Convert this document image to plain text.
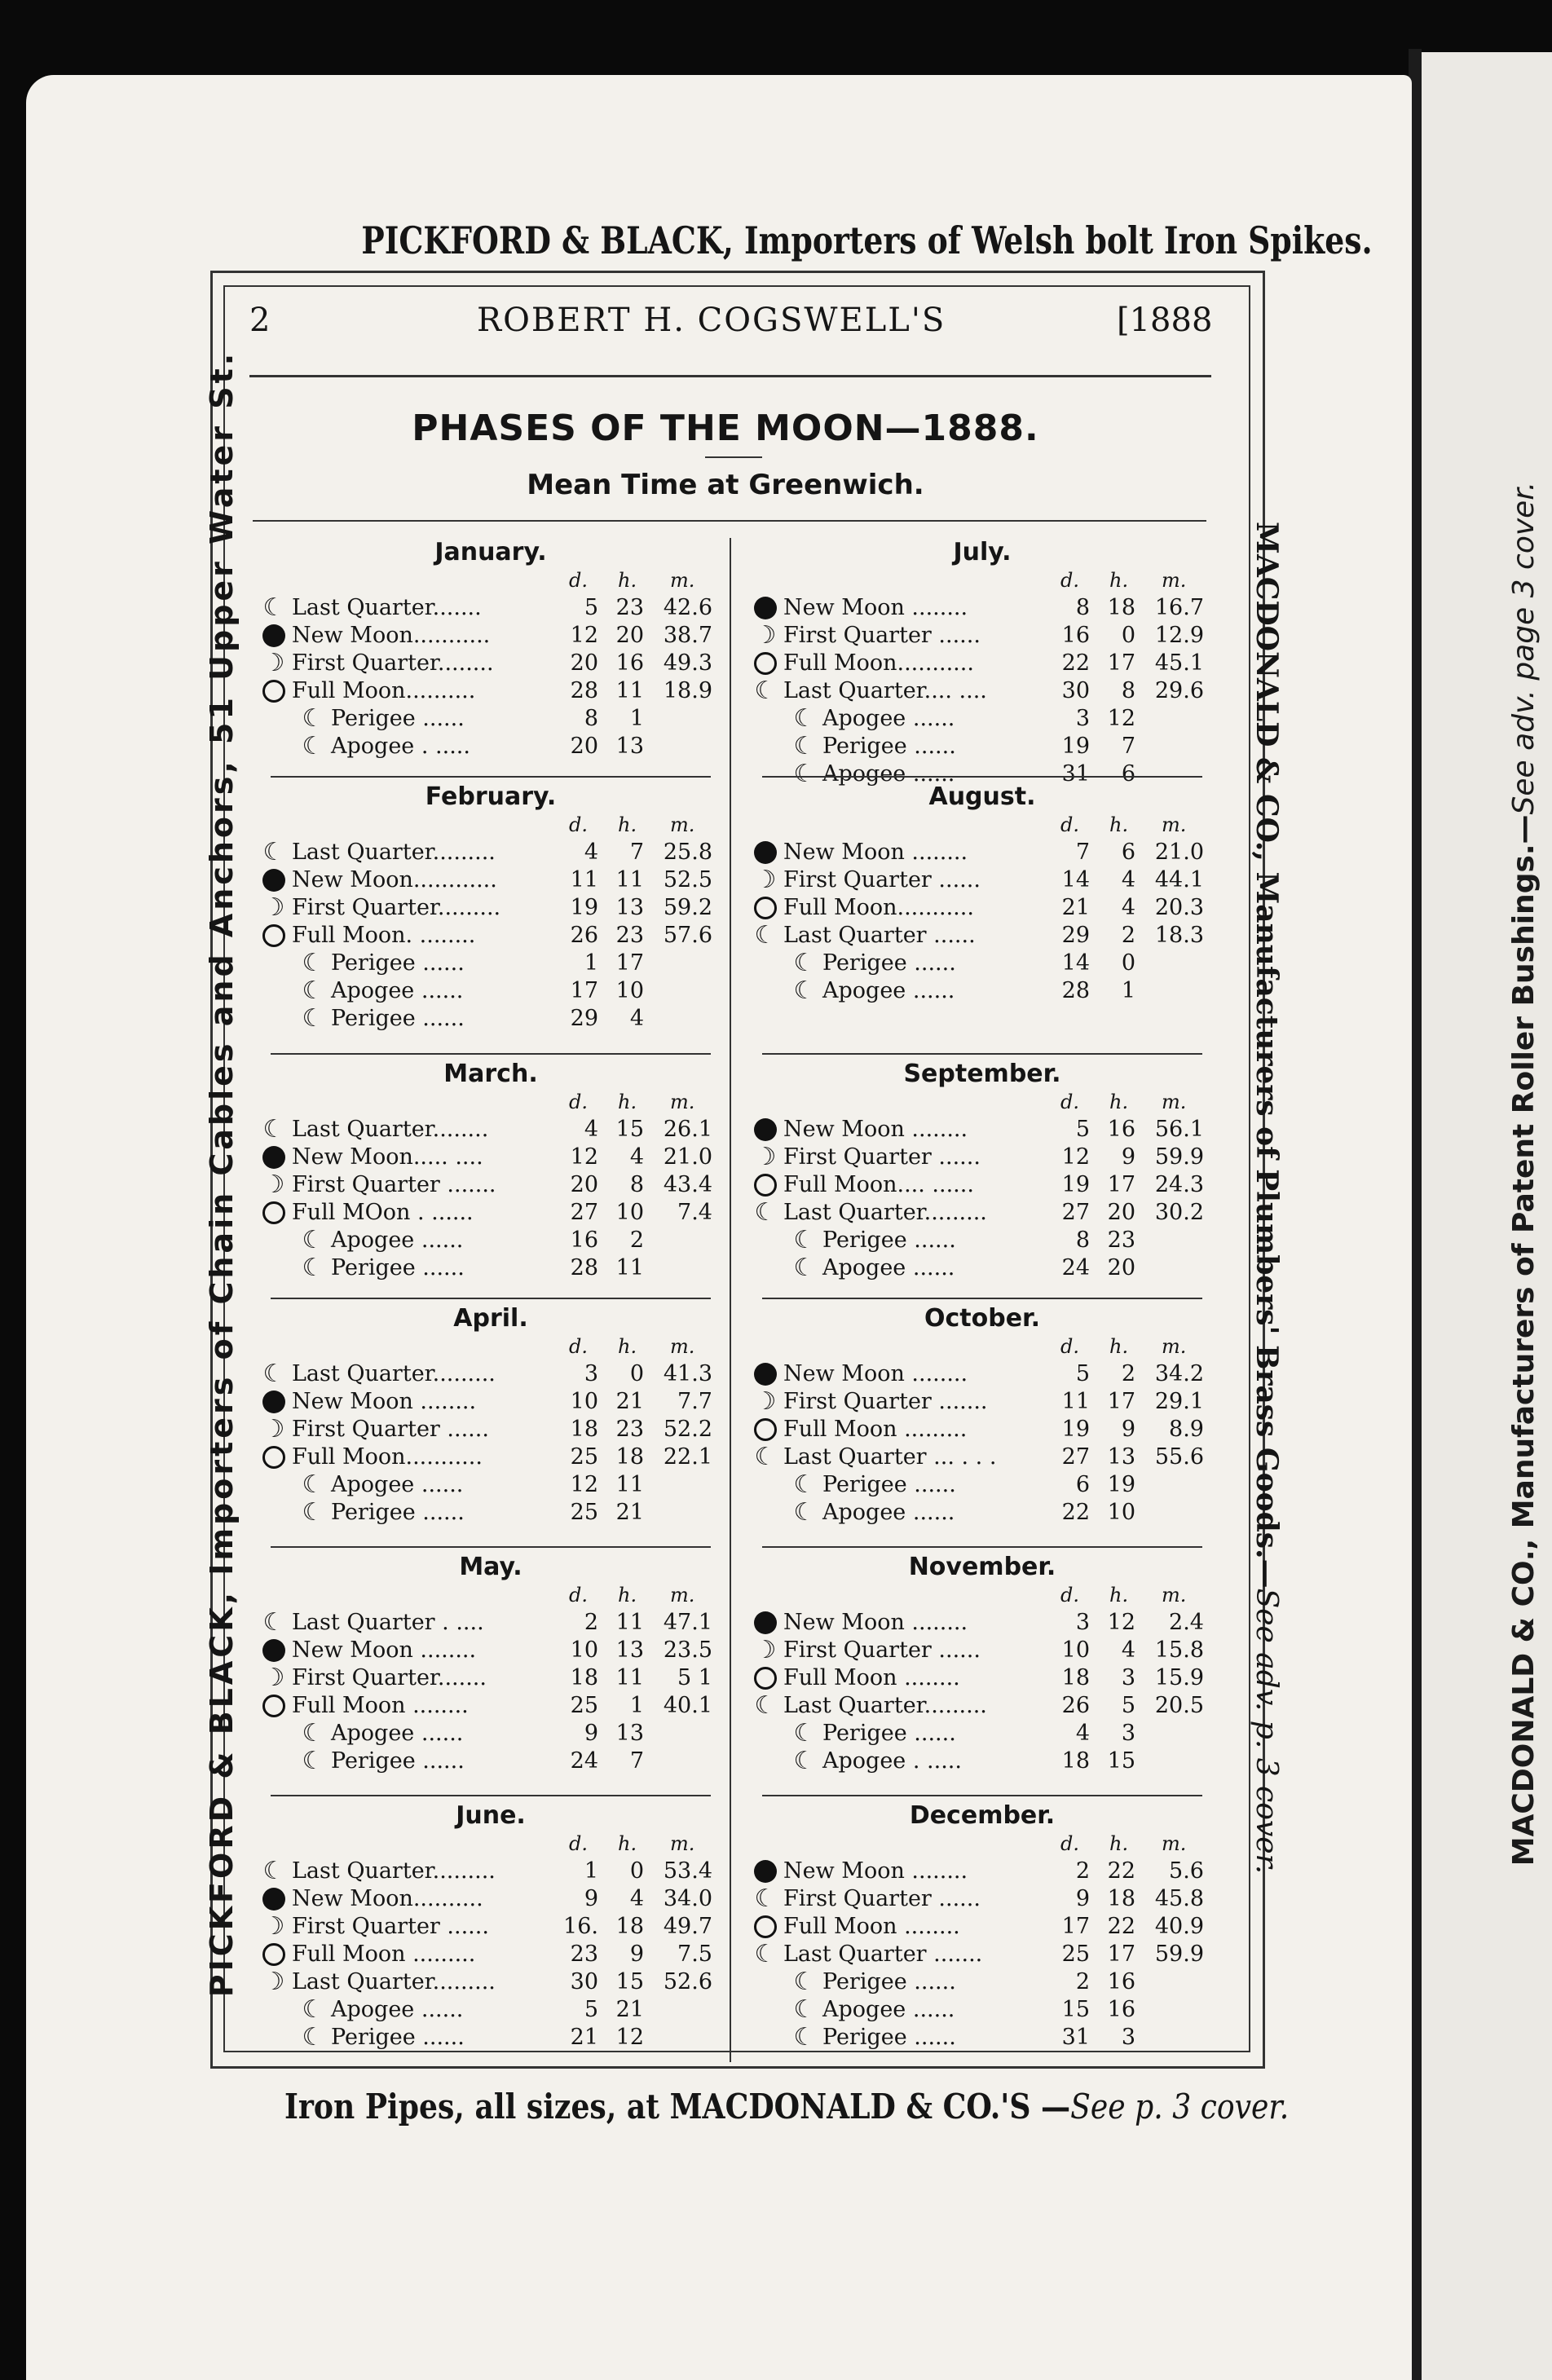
MACDONALD & CO., Manufacturers of Patent Roller Bushings.—See adv. page 3 cover.
PICKFORD & BLACK, Importers of Welsh bolt Iron Spikes.
PICKFORD & BLACK, Importers of Chain Cables and Anchors, 51 Upper Water St.	MACDONALD & CO., Manufacturers of Plumbers' Brass Goods.—See adv. p. 3 cover.
2	ROBERT H. COGSWELL'S	[1888
PHASES OF THE MOON—1888.
Mean Time at Greenwich.
January.
d. h. m.
☾ Last Quarter.......	5 23 42.6
New Moon...........	12 20 38.7
☽ First Quarter........	20 16 49.3
Full Moon..........	28 11 18.9
☾ Perigee ......	8	1
☾ Apogee . .....	20 13
February.
d. h. m.
☾ Last Quarter.........	4	7 25.8
New Moon............	11 11 52.5
☽ First Quarter.........	19 13 59.2
Full Moon. ........	26 23 57.6
☾ Perigee ......	1 17
☾ Apogee ......	17 10
☾ Perigee ......	29	4
March.
d. h. m.
☾ Last Quarter........	4 15 26.1
New Moon..... ....	12	4 21.0
☽ First Quarter .......	20	8 43.4
Full MOon . ......	27 10	7.4
☾ Apogee ......	16	2
☾ Perigee ......	28 11
April.
d. h. m.
☾ Last Quarter.........	3	0 41.3
New Moon ........	10 21	7.7
☽ First Quarter ......	18 23 52.2
Full Moon...........	25 18 22.1
☾ Apogee ......	12 11
☾ Perigee ......	25 21
May.
d. h. m.
☾ Last Quarter . ....	2 11 47.1
New Moon ........	10 13 23.5
☽ First Quarter.......	18 11	5 1
Full Moon ........	25	1 40.1
☾ Apogee ......	9 13
☾ Perigee ......	24	7
June.
d. h. m.
☾ Last Quarter.........	1	0 53.4
New Moon..........	9	4 34.0
☽ First Quarter ......	16. 18 49.7
Full Moon .........	23	9	7.5
☽ Last Quarter.........	30 15 52.6
☾ Apogee ......	5 21
☾ Perigee ......	21 12
July.
d. h. m.
New Moon ........	8 18 16.7
☽ First Quarter ......	16	0 12.9
Full Moon...........	22 17 45.1
☾ Last Quarter.... ....	30	8 29.6
☾ Apogee ......	3 12
☾ Perigee ......	19	7
☾ Apogee ......	31	6
August.
d. h. m.
New Moon ........	7	6 21.0
☽ First Quarter ......	14	4 44.1
Full Moon...........	21	4 20.3
☾ Last Quarter ......	29	2 18.3
☾ Perigee ......	14	0
☾ Apogee ......	28	1
September.
d. h. m.
New Moon ........	5 16 56.1
☽ First Quarter ......	12	9 59.9
Full Moon.... ......	19 17 24.3
☾ Last Quarter.........	27 20 30.2
☾ Perigee ......	8 23
☾ Apogee ......	24 20
October.
d. h. m.
New Moon ........	5	2 34.2
☽ First Quarter .......	11 17 29.1
Full Moon .........	19	9	8.9
☾ Last Quarter ... . . .	27 13 55.6
☾ Perigee ......	6 19
☾ Apogee ......	22 10
November.
d. h. m.
New Moon ........	3 12	2.4
☽ First Quarter ......	10	4 15.8
Full Moon ........	18	3 15.9
☾ Last Quarter.........	26	5 20.5
☾ Perigee ......	4	3
☾ Apogee . .....	18 15
December.
d. h. m.
New Moon ........	2 22	5.6
☾ First Quarter ......	9 18 45.8
Full Moon ........	17 22 40.9
☾ Last Quarter .......	25 17 59.9
☾ Perigee ......	2 16
☾ Apogee ......	15 16
☾ Perigee ......	31	3
Iron Pipes, all sizes, at MACDONALD & CO.'S —See p. 3 cover.
